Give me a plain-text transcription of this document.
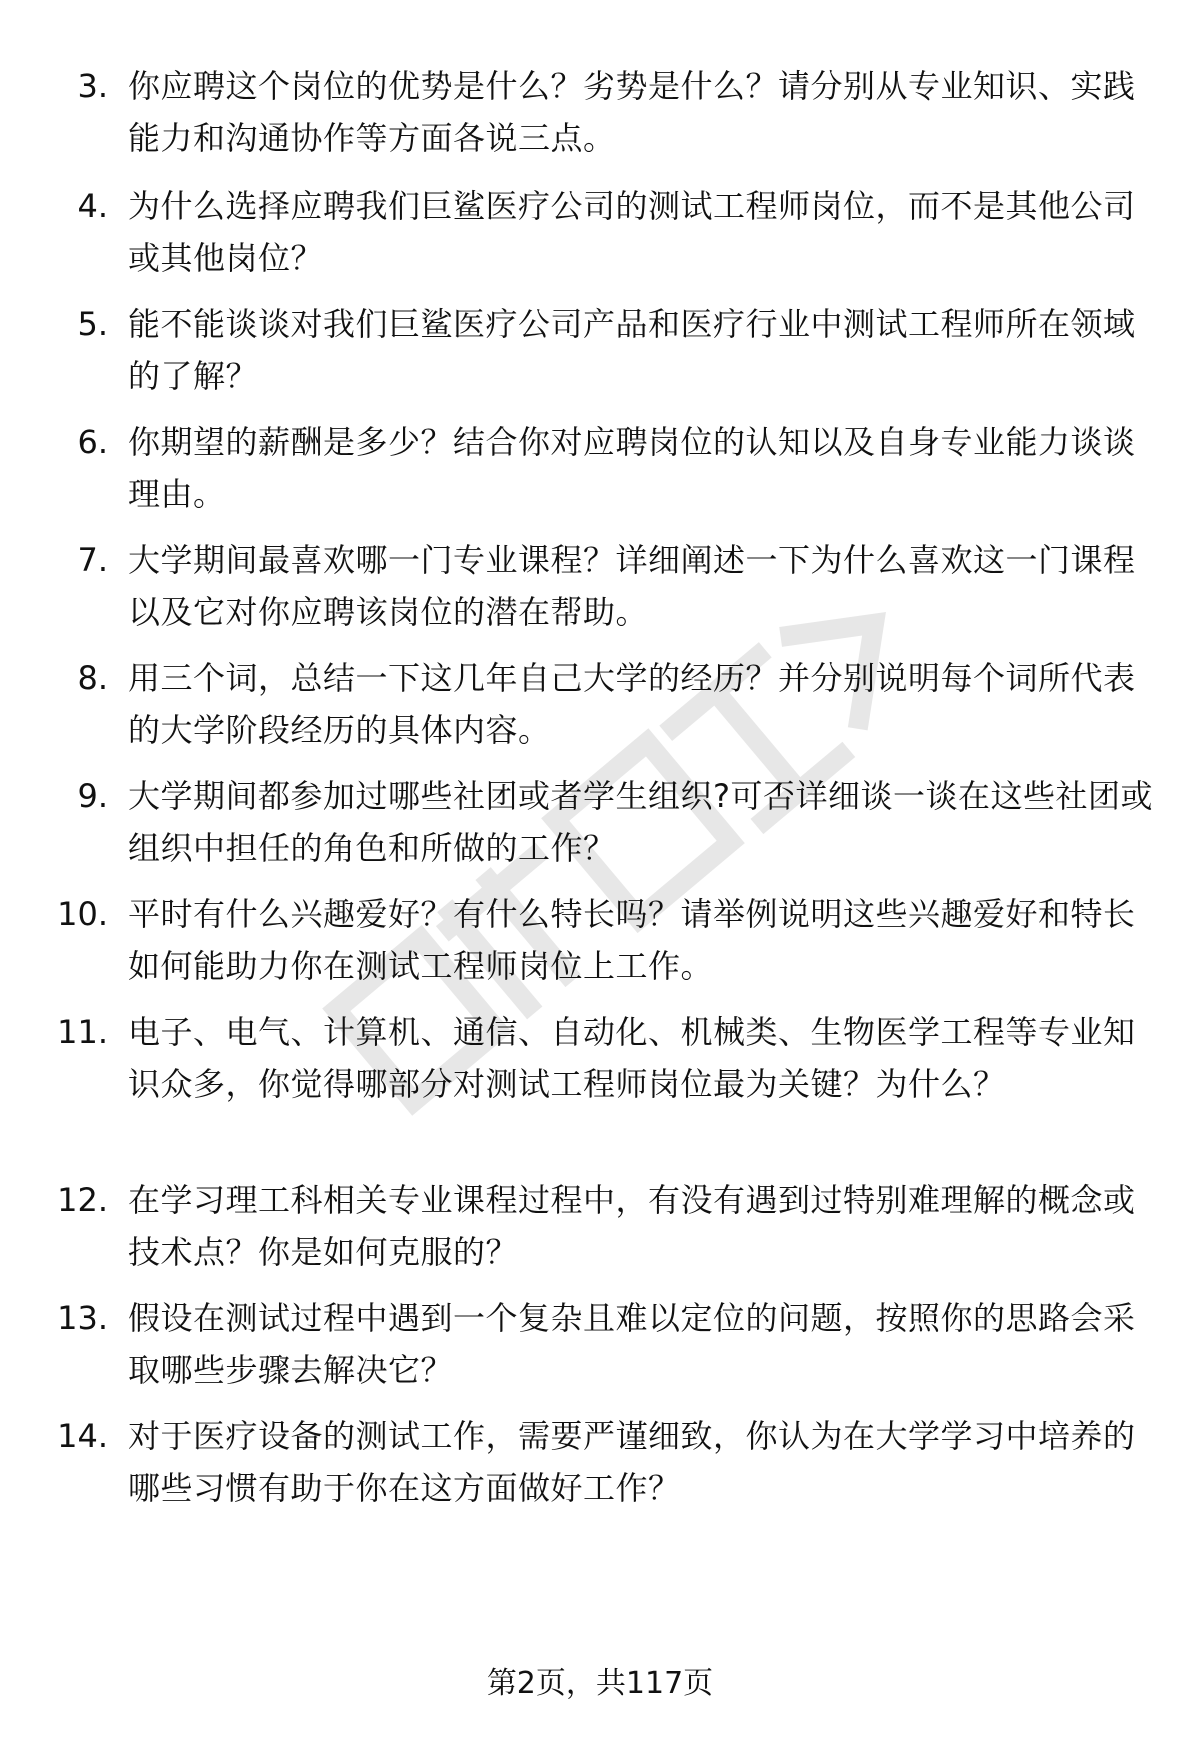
3. 你应聘这个岗位的优势是什么？劣势是什么？请分别从专业知识、实践能力和沟通协作等方面各说三点。
4. 为什么选择应聘我们巨鲨医疗公司的测试工程师岗位，而不是其他公司或其他岗位？
5. 能不能谈谈对我们巨鲨医疗公司产品和医疗行业中测试工程师所在领域的了解？
6. 你期望的薪酬是多少？结合你对应聘岗位的认知以及自身专业能力谈谈理由。
7. 大学期间最喜欢哪一门专业课程？详细阐述一下为什么喜欢这一门课程以及它对你应聘该岗位的潜在帮助。
8. 用三个词，总结一下这几年自己大学的经历？并分别说明每个词所代表的大学阶段经历的具体内容。
9. 大学期间都参加过哪些社团或者学生组织?可否详细谈一谈在这些社团或组织中担任的角色和所做的工作？
10. 平时有什么兴趣爱好？有什么特长吗？请举例说明这些兴趣爱好和特长如何能助力你在测试工程师岗位上工作。
11. 电子、电气、计算机、通信、自动化、机械类、生物医学工程等专业知识众多，你觉得哪部分对测试工程师岗位最为关键？为什么？
12. 在学习理工科相关专业课程过程中，有没有遇到过特别难理解的概念或技术点？你是如何克服的？
13. 假设在测试过程中遇到一个复杂且难以定位的问题，按照你的思路会采取哪些步骤去解决它？
14. 对于医疗设备的测试工作，需要严谨细致，你认为在大学学习中培养的哪些习惯有助于你在这方面做好工作？
第2页，共117页
